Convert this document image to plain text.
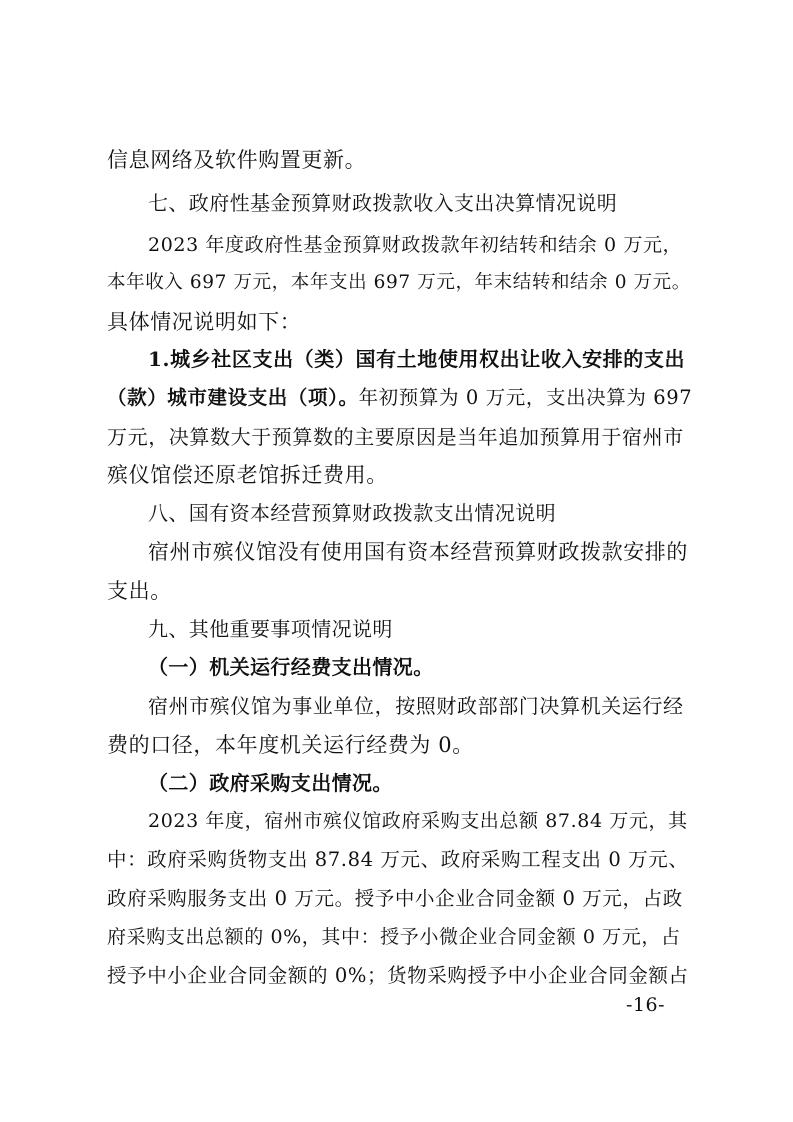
信息网络及软件购置更新。
七、政府性基金预算财政拨款收入支出决算情况说明
2023 年度政府性基金预算财政拨款年初结转和结余 0 万元，
本年收入 697 万元，本年支出 697 万元，年末结转和结余 0 万元。
具体情况说明如下：
1.城乡社区支出（类）国有土地使用权出让收入安排的支出
（款）城市建设支出（项）。年初预算为 0 万元，支出决算为 697
万元，决算数大于预算数的主要原因是当年追加预算用于宿州市
殡仪馆偿还原老馆拆迁费用。
八、国有资本经营预算财政拨款支出情况说明
宿州市殡仪馆没有使用国有资本经营预算财政拨款安排的
支出。
九、其他重要事项情况说明
（一）机关运行经费支出情况。
宿州市殡仪馆为事业单位，按照财政部部门决算机关运行经
费的口径，本年度机关运行经费为 0。
（二）政府采购支出情况。
2023 年度，宿州市殡仪馆政府采购支出总额 87.84 万元，其
中：政府采购货物支出 87.84 万元、政府采购工程支出 0 万元、
政府采购服务支出 0 万元。授予中小企业合同金额 0 万元，占政
府采购支出总额的 0%，其中：授予小微企业合同金额 0 万元，占
授予中小企业合同金额的 0%；货物采购授予中小企业合同金额占
-16-
